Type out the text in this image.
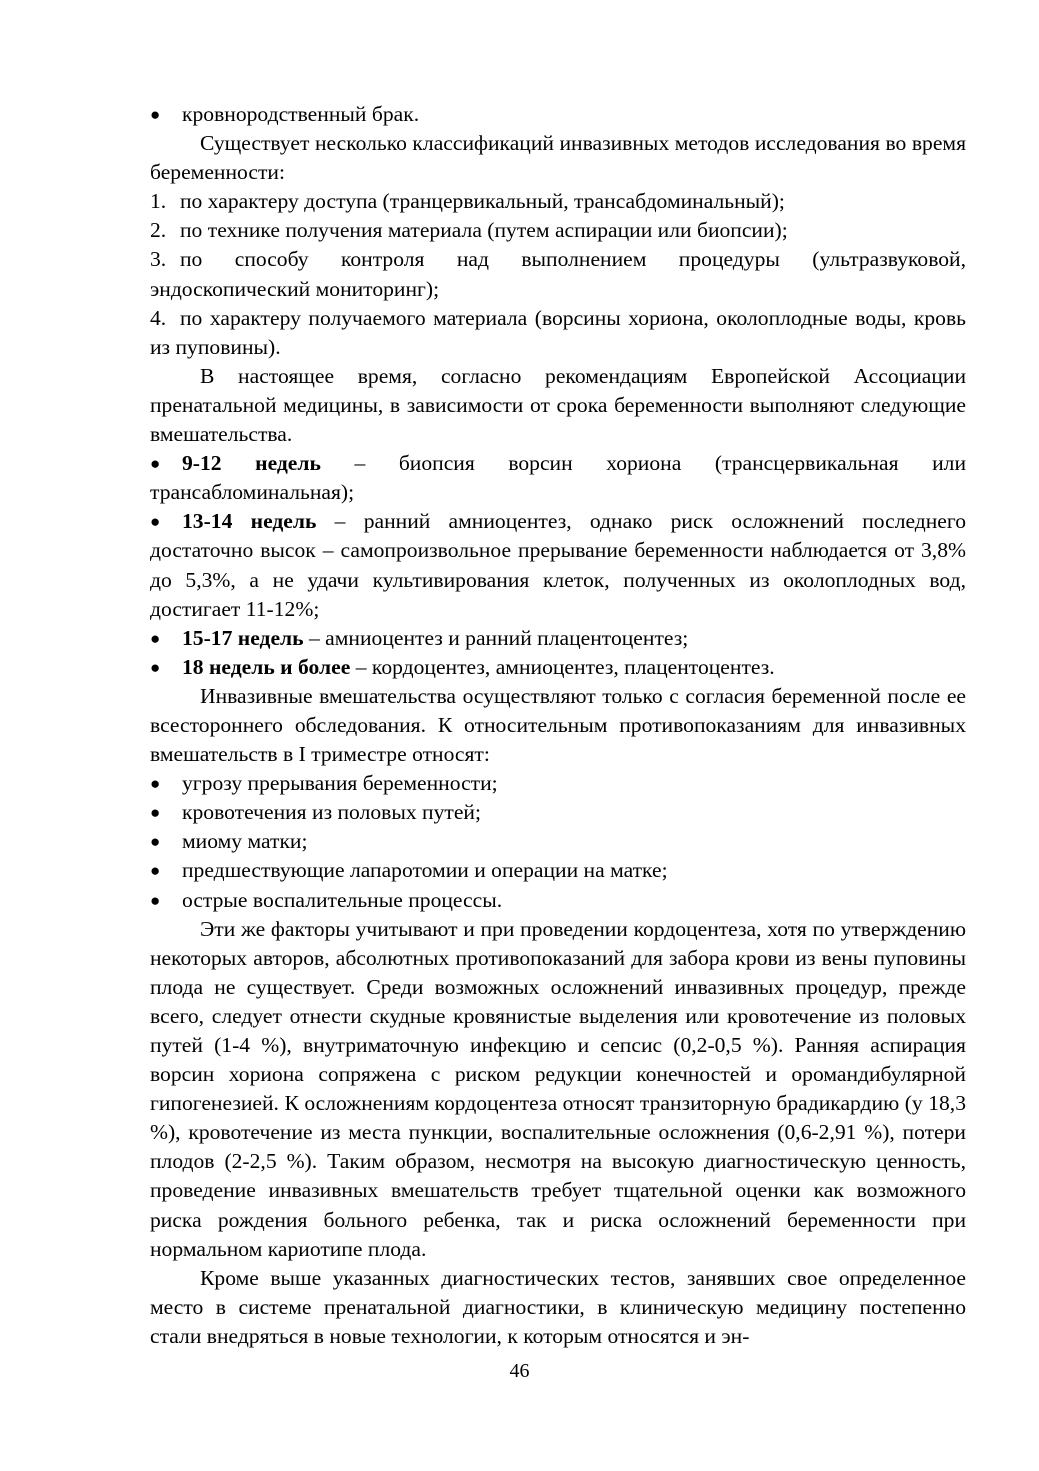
● кровнородственный брак.

Существует несколько классификаций инвазивных методов исследования во время беременности:

1. по характеру доступа (транцервикальный, трансабдоминальный);
2. по технике получения материала (путем аспирации или биопсии);
3. по способу контроля над выполнением процедуры (ультразвуковой, эндоскопический мониторинг);
4. по характеру получаемого материала (ворсины хориона, околоплодные воды, кровь из пуповины).

В настоящее время, согласно рекомендациям Европейской Ассоциации пренатальной медицины, в зависимости от срока беременности выполняют следующие вмешательства.

● 9-12 недель – биопсия ворсин хориона (трансцервикальная или трансабломинальная);
● 13-14 недель – ранний амниоцентез, однако риск осложнений последнего достаточно высок – самопроизвольное прерывание беременности наблюдается от 3,8% до 5,3%, а не удачи культивирования клеток, полученных из околоплодных вод, достигает 11-12%;
● 15-17 недель – амниоцентез и ранний плацентоцентез;
● 18 недель и более – кордоцентез, амниоцентез, плацентоцентез.

Инвазивные вмешательства осуществляют только с согласия беременной после ее всестороннего обследования. К относительным противопоказаниям для инвазивных вмешательств в I триместре относят:

● угрозу прерывания беременности;
● кровотечения из половых путей;
● миому матки;
● предшествующие лапаротомии и операции на матке;
● острые воспалительные процессы.

Эти же факторы учитывают и при проведении кордоцентеза, хотя по утверждению некоторых авторов, абсолютных противопоказаний для забора крови из вены пуповины плода не существует. Среди возможных осложнений инвазивных процедур, прежде всего, следует отнести скудные кровянистые выделения или кровотечение из половых путей (1-4 %), внутриматочную инфекцию и сепсис (0,2-0,5 %). Ранняя аспирация ворсин хориона сопряжена с риском редукции конечностей и оромандибулярной гипогенезией. К осложнениям кордоцентеза относят транзиторную брадикардию (у 18,3 %), кровотечение из места пункции, воспалительные осложнения (0,6-2,91 %), потери плодов (2-2,5 %). Таким образом, несмотря на высокую диагностическую ценность, проведение инвазивных вмешательств требует тщательной оценки как возможного риска рождения больного ребенка, так и риска осложнений беременности при нормальном кариотипе плода.

Кроме выше указанных диагностических тестов, занявших свое определенное место в системе пренатальной диагностики, в клиническую медицину постепенно стали внедряться в новые технологии, к которым относятся и эн-

46
